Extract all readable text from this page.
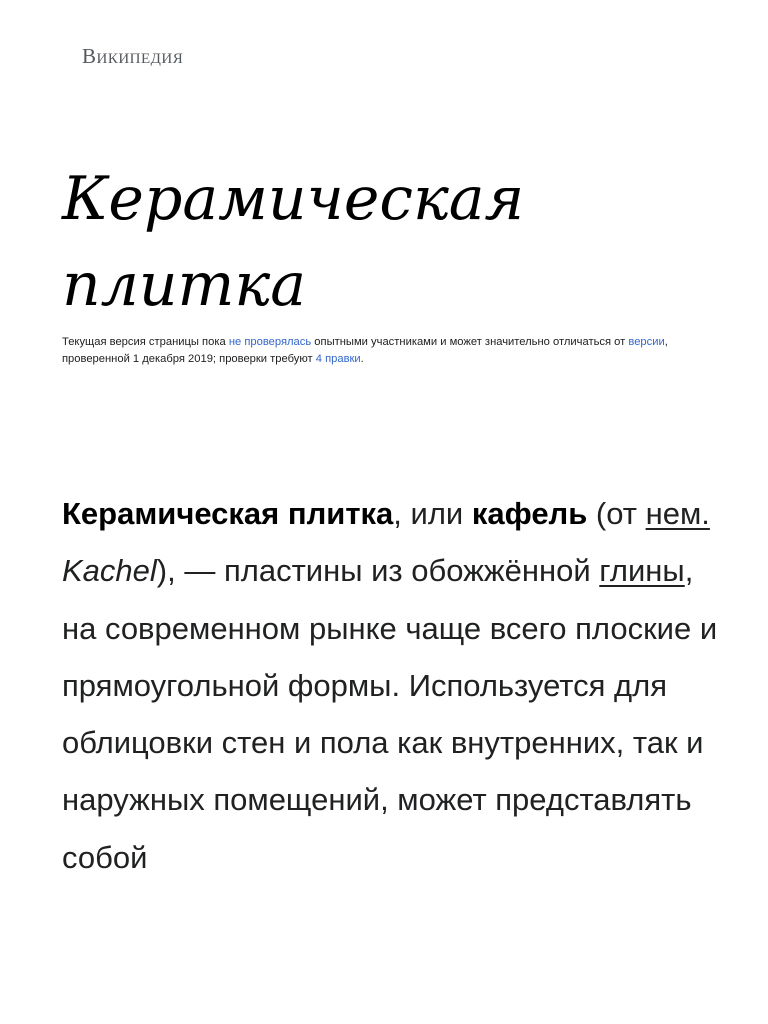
Википедия
Керамическая плитка
Текущая версия страницы пока не проверялась опытными участниками и может значительно отличаться от версии, проверенной 1 декабря 2019; проверки требуют 4 правки.

Керамическая плитка, или кафель (от нем. Kachel), — пластины из обожжённой глины, на современном рынке чаще всего плоские и прямоугольной формы. Используется для облицовки стен и пола как внутренних, так и наружных помещений, может представлять собой
